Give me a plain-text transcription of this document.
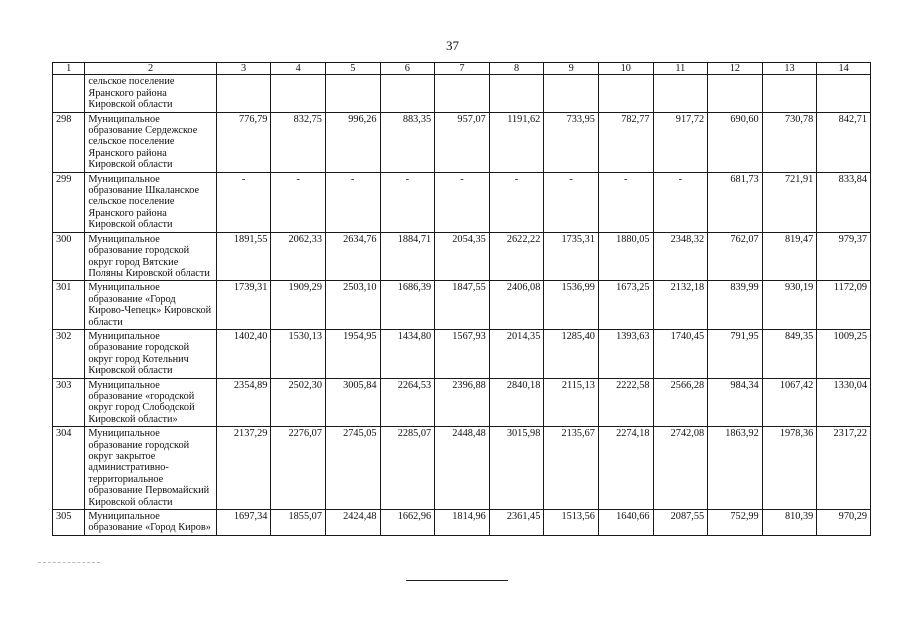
37
1	2	3	4	5	6	7	8	9	10	11	12	13	14
	сельское поселение Яранского района Кировской области												
298	Муниципальное образование Сердежское сельское поселение Яранского района Кировской области	776,79	832,75	996,26	883,35	957,07	1191,62	733,95	782,77	917,72	690,60	730,78	842,71
299	Муниципальное образование Шкаланское сельское поселение Яранского района Кировской области	-	-	-	-	-	-	-	-	-	681,73	721,91	833,84
300	Муниципальное образование городской округ город Вятские Поляны Кировской области	1891,55	2062,33	2634,76	1884,71	2054,35	2622,22	1735,31	1880,05	2348,32	762,07	819,47	979,37
301	Муниципальное образование «Город Кирово-Чепецк» Кировской области	1739,31	1909,29	2503,10	1686,39	1847,55	2406,08	1536,99	1673,25	2132,18	839,99	930,19	1172,09
302	Муниципальное образование городской округ город Котельнич Кировской области	1402,40	1530,13	1954,95	1434,80	1567,93	2014,35	1285,40	1393,63	1740,45	791,95	849,35	1009,25
303	Муниципальное образование «городской округ город Слободской Кировской области»	2354,89	2502,30	3005,84	2264,53	2396,88	2840,18	2115,13	2222,58	2566,28	984,34	1067,42	1330,04
304	Муниципальное образование городской округ закрытое административно-территориальное образование Первомайский Кировской области	2137,29	2276,07	2745,05	2285,07	2448,48	3015,98	2135,67	2274,18	2742,08	1863,92	1978,36	2317,22
305	Муниципальное образование «Город Киров»	1697,34	1855,07	2424,48	1662,96	1814,96	2361,45	1513,56	1640,66	2087,55	752,99	810,39	970,29
